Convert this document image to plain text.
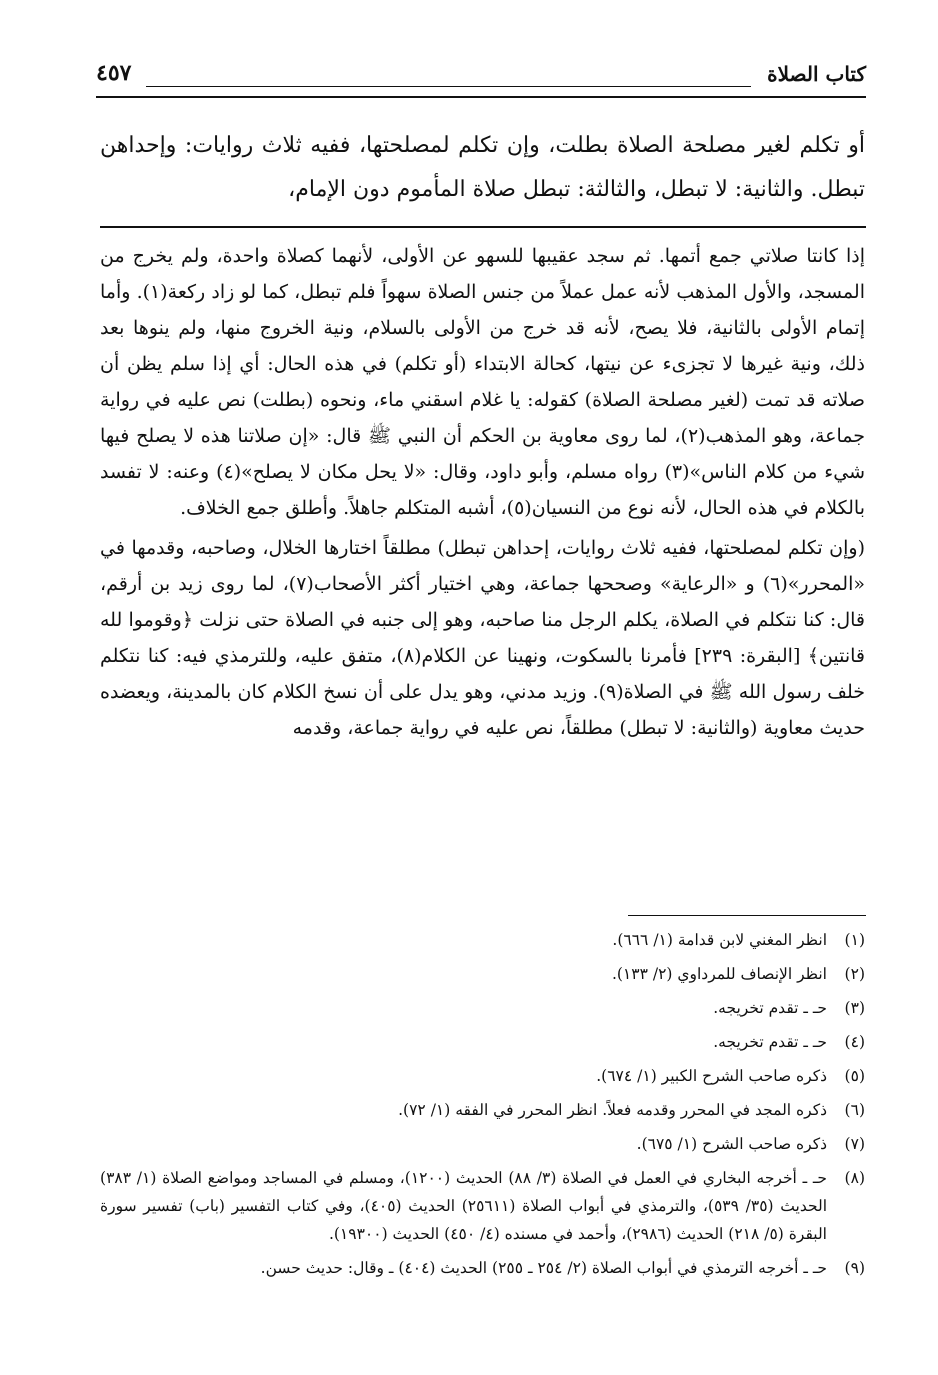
كتاب الصلاة
٤٥٧

أو تكلم لغير مصلحة الصلاة بطلت، وإن تكلم لمصلحتها، ففيه ثلاث روايات: وإحداهن تبطل. والثانية: لا تبطل، والثالثة: تبطل صلاة المأموم دون الإمام،

إذا كانتا صلاتي جمع أتمها. ثم سجد عقيبها للسهو عن الأولى، لأنهما كصلاة واحدة، ولم يخرج من المسجد، والأول المذهب لأنه عمل عملاً من جنس الصلاة سهواً فلم تبطل، كما لو زاد ركعة(١). وأما إتمام الأولى بالثانية، فلا يصح، لأنه قد خرج من الأولى بالسلام، ونية الخروج منها، ولم ينوها بعد ذلك، ونية غيرها لا تجزىء عن نيتها، كحالة الابتداء (أو تكلم) في هذه الحال: أي إذا سلم يظن أن صلاته قد تمت (لغير مصلحة الصلاة) كقوله: يا غلام اسقني ماء، ونحوه (بطلت) نص عليه في رواية جماعة، وهو المذهب(٢)، لما روى معاوية بن الحكم أن النبي ﷺ قال: «إن صلاتنا هذه لا يصلح فيها شيء من كلام الناس»(٣) رواه مسلم، وأبو داود، وقال: «لا يحل مكان لا يصلح»(٤) وعنه: لا تفسد بالكلام في هذه الحال، لأنه نوع من النسيان(٥)، أشبه المتكلم جاهلاً. وأطلق جمع الخلاف.

(وإن تكلم لمصلحتها، ففيه ثلاث روايات، إحداهن تبطل) مطلقاً اختارها الخلال، وصاحبه، وقدمها في «المحرر»(٦) و «الرعاية» وصححها جماعة، وهي اختيار أكثر الأصحاب(٧)، لما روى زيد بن أرقم، قال: كنا نتكلم في الصلاة، يكلم الرجل منا صاحبه، وهو إلى جنبه في الصلاة حتى نزلت ﴿وقوموا لله قانتين﴾ [البقرة: ٢٣٩] فأمرنا بالسكوت، ونهينا عن الكلام(٨)، متفق عليه، وللترمذي فيه: كنا نتكلم خلف رسول الله ﷺ في الصلاة(٩). وزيد مدني، وهو يدل على أن نسخ الكلام كان بالمدينة، ويعضده حديث معاوية (والثانية: لا تبطل) مطلقاً، نص عليه في رواية جماعة، وقدمه

(١)
انظر المغني لابن قدامة (١/ ٦٦٦).
(٢)
انظر الإنصاف للمرداوي (٢/ ١٣٣).
(٣)
حـ ـ تقدم تخريجه.
(٤)
حـ ـ تقدم تخريجه.
(٥)
ذكره صاحب الشرح الكبير (١/ ٦٧٤).
(٦)
ذكره المجد في المحرر وقدمه فعلاً. انظر المحرر في الفقه (١/ ٧٢).
(٧)
ذكره صاحب الشرح (١/ ٦٧٥).
(٨)
حـ ـ أخرجه البخاري في العمل في الصلاة (٣/ ٨٨) الحديث (١٢٠٠)، ومسلم في المساجد ومواضع الصلاة (١/ ٣٨٣) الحديث (٣٥/ ٥٣٩)، والترمذي في أبواب الصلاة (٢٥٦١١) الحديث (٤٠٥)، وفي كتاب التفسير (باب) تفسير سورة البقرة (٥/ ٢١٨) الحديث (٢٩٨٦)، وأحمد في مسنده (٤/ ٤٥٠) الحديث (١٩٣٠٠).
(٩)
حـ ـ أخرجه الترمذي في أبواب الصلاة (٢/ ٢٥٤ ـ ٢٥٥) الحديث (٤٠٤) ـ وقال: حديث حسن.
